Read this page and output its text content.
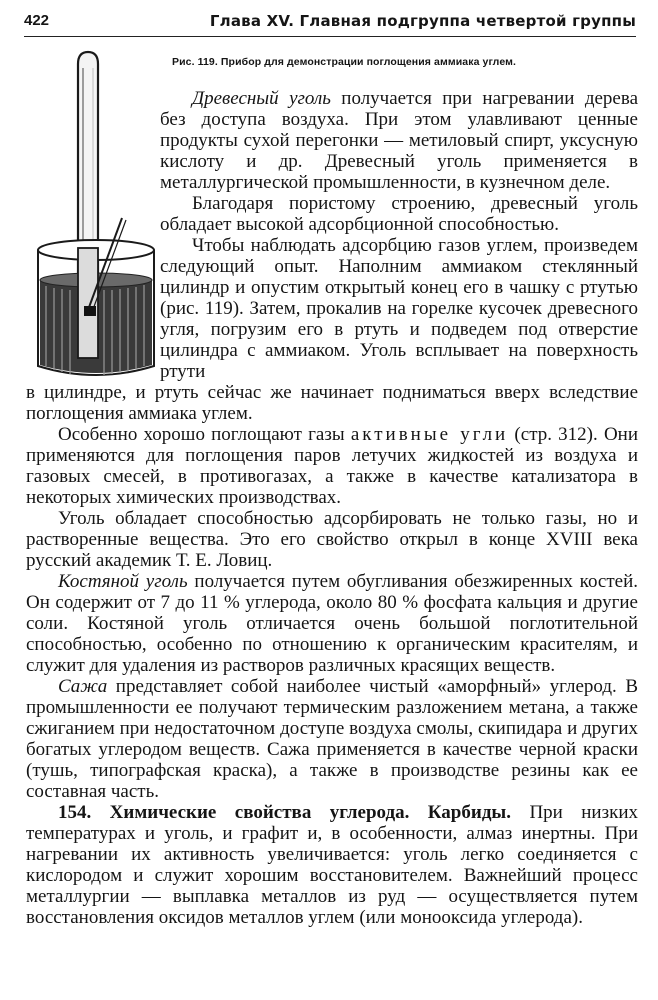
422	Глава XV. Главная подгруппа четвертой группы
Рис. 119. Прибор для демонстрации поглощения аммиака углем.

Древесный уголь получается при нагревании дерева без доступа воздуха. При этом улавливают ценные продукты сухой перегонки — метиловый спирт, уксусную кислоту и др. Древесный уголь применяется в металлургической промышленности, в кузнечном деле.

Благодаря пористому строению, древесный уголь обладает высокой адсорбционной способностью.

Чтобы наблюдать адсорбцию газов углем, произведем следующий опыт. Наполним аммиаком стеклянный цилиндр и опустим открытый конец его в чашку с ртутью (рис. 119). Затем, прокалив на горелке кусочек древесного угля, погрузим его в ртуть и подведем под отверстие цилиндра с аммиаком. Уголь всплывает на поверхность ртути

в цилиндре, и ртуть сейчас же начинает подниматься вверх вследствие поглощения аммиака углем.

Особенно хорошо поглощают газы активные угли (стр. 312). Они применяются для поглощения паров летучих жидкостей из воздуха и газовых смесей, в противогазах, а также в качестве катализатора в некоторых химических производствах.

Уголь обладает способностью адсорбировать не только газы, но и растворенные вещества. Это его свойство открыл в конце XVIII века русский академик Т. Е. Ловиц.

Костяной уголь получается путем обугливания обезжиренных костей. Он содержит от 7 до 11 % углерода, около 80 % фосфата кальция и другие соли. Костяной уголь отличается очень большой поглотительной способностью, особенно по отношению к органическим красителям, и служит для удаления из растворов различных красящих веществ.

Сажа представляет собой наиболее чистый «аморфный» углерод. В промышленности ее получают термическим разложением метана, а также сжиганием при недостаточном доступе воздуха смолы, скипидара и других богатых углеродом веществ. Сажа применяется в качестве черной краски (тушь, типографская краска), а также в производстве резины как ее составная часть.

154. Химические свойства углерода. Карбиды. При низких температурах и уголь, и графит и, в особенности, алмаз инертны. При нагревании их активность увеличивается: уголь легко соединяется с кислородом и служит хорошим восстановителем. Важнейший процесс металлургии — выплавка металлов из руд — осуществляется путем восстановления оксидов металлов углем (или монооксида углерода).
